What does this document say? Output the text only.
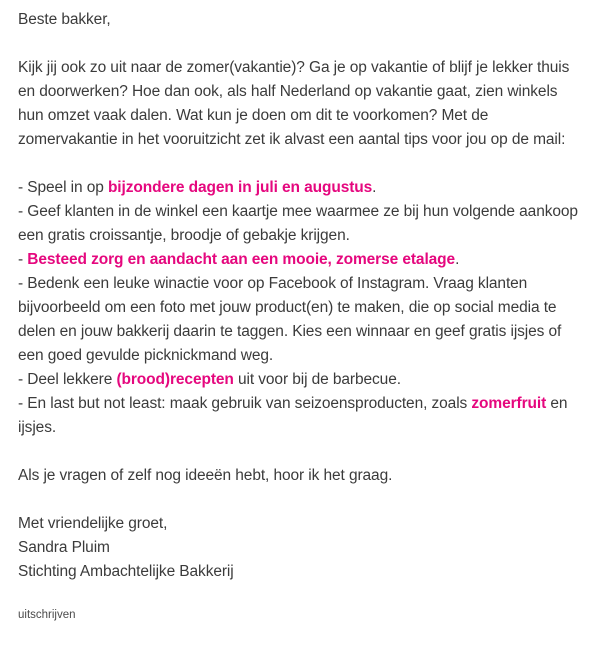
Beste bakker,

Kijk jij ook zo uit naar de zomer(vakantie)? Ga je op vakantie of blijf je lekker thuis en doorwerken? Hoe dan ook, als half Nederland op vakantie gaat, zien winkels hun omzet vaak dalen. Wat kun je doen om dit te voorkomen? Met de zomervakantie in het vooruitzicht zet ik alvast een aantal tips voor jou op de mail:

- Speel in op bijzondere dagen in juli en augustus.

- Geef klanten in de winkel een kaartje mee waarmee ze bij hun volgende aankoop een gratis croissantje, broodje of gebakje krijgen.

- Besteed zorg en aandacht aan een mooie, zomerse etalage.

- Bedenk een leuke winactie voor op Facebook of Instagram. Vraag klanten bijvoorbeeld om een foto met jouw product(en) te maken, die op social media te delen en jouw bakkerij daarin te taggen. Kies een winnaar en geef gratis ijsjes of een goed gevulde picknickmand weg.

- Deel lekkere (brood)recepten uit voor bij de barbecue.

- En last but not least: maak gebruik van seizoensproducten, zoals zomerfruit en ijsjes.

Als je vragen of zelf nog ideeën hebt, hoor ik het graag.

Met vriendelijke groet,

Sandra Pluim

Stichting Ambachtelijke Bakkerij

uitschrijven
